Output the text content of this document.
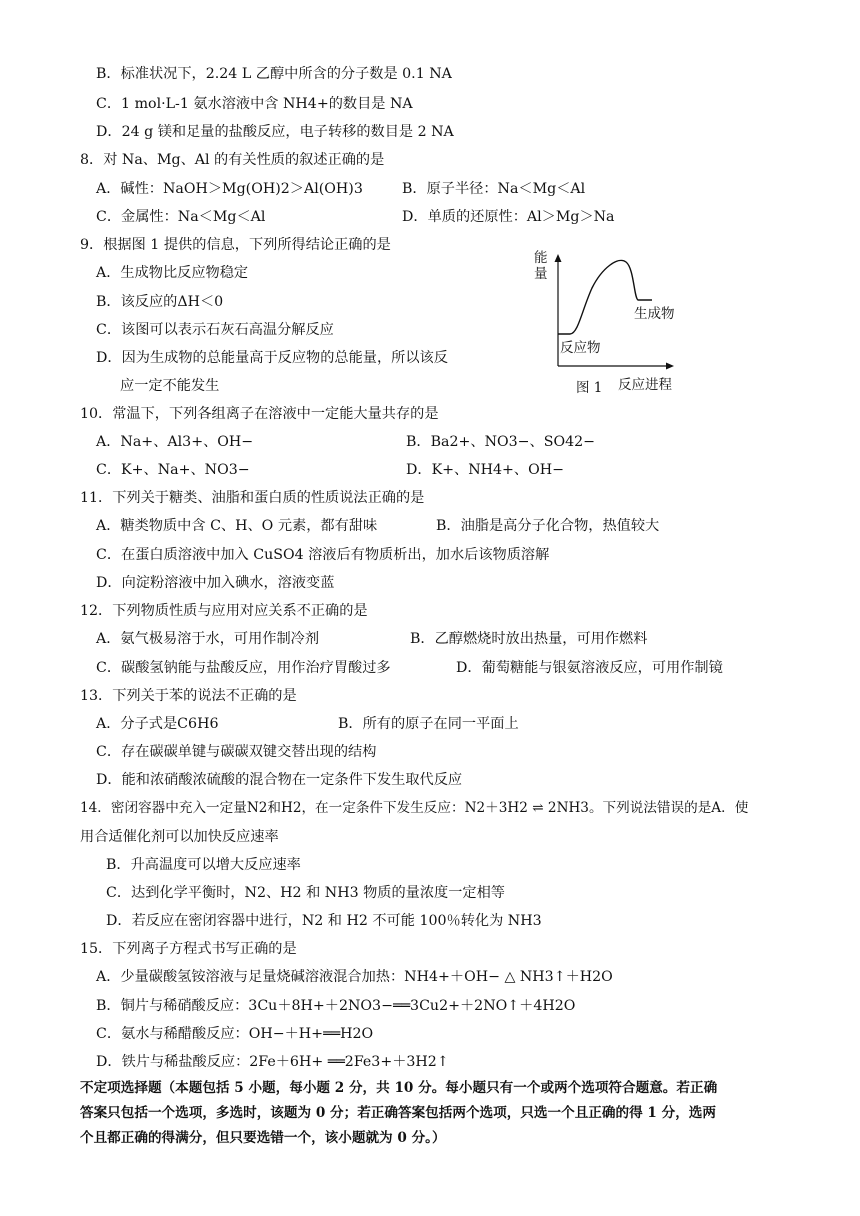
B．标准状况下，2.24 L 乙醇中所含的分子数是 0.1 NA
C．1 mol·L-1 氨水溶液中含 NH4+的数目是 NA
D．24 g 镁和足量的盐酸反应，电子转移的数目是 2 NA
8．对 Na、Mg、Al 的有关性质的叙述正确的是
A．碱性：NaOH＞Mg(OH)2＞Al(OH)3	B．原子半径：Na＜Mg＜Al
C．金属性：Na＜Mg＜Al	D．单质的还原性：Al＞Mg＞Na
9．根据图 1 提供的信息，下列所得结论正确的是
A．生成物比反应物稳定
B．该反应的ΔH＜0
C．该图可以表示石灰石高温分解反应
D．因为生成物的总能量高于反应物的总能量，所以该反
应一定不能发生
能
量
生成物
反应物
图 1 反应进程
10．常温下，下列各组离子在溶液中一定能大量共存的是
A．Na+、Al3+、OH−	B．Ba2+、NO3−、SO42−
C．K+、Na+、NO3−	D．K+、NH4+、OH−
11．下列关于糖类、油脂和蛋白质的性质说法正确的是
A．糖类物质中含 C、H、O 元素，都有甜味	B．油脂是高分子化合物，热值较大
C．在蛋白质溶液中加入 CuSO4 溶液后有物质析出，加水后该物质溶解
D．向淀粉溶液中加入碘水，溶液变蓝
12．下列物质性质与应用对应关系不正确的是
A．氨气极易溶于水，可用作制冷剂	B．乙醇燃烧时放出热量，可用作燃料
C．碳酸氢钠能与盐酸反应，用作治疗胃酸过多	D．葡萄糖能与银氨溶液反应，可用作制镜
13．下列关于苯的说法不正确的是
A．分子式是C6H6	B．所有的原子在同一平面上
C．存在碳碳单键与碳碳双键交替出现的结构
D．能和浓硝酸浓硫酸的混合物在一定条件下发生取代反应
14．密闭容器中充入一定量N2和H2，在一定条件下发生反应：N2＋3H2 ⇌ 2NH3。下列说法错误的是A．使
用合适催化剂可以加快反应速率
B．升高温度可以增大反应速率
C．达到化学平衡时，N2、H2 和 NH3 物质的量浓度一定相等
D．若反应在密闭容器中进行，N2 和 H2 不可能 100％转化为 NH3
15．下列离子方程式书写正确的是
A．少量碳酸氢铵溶液与足量烧碱溶液混合加热：NH4+＋OH− △ NH3↑＋H2O
B．铜片与稀硝酸反应：3Cu＋8H+＋2NO3−══3Cu2+＋2NO↑＋4H2O
C．氨水与稀醋酸反应：OH−＋H+══H2O
D．铁片与稀盐酸反应：2Fe＋6H+ ══2Fe3+＋3H2↑
不定项选择题（本题包括 5 小题，每小题 2 分，共 10 分。每小题只有一个或两个选项符合题意。若正确
答案只包括一个选项，多选时，该题为 0 分；若正确答案包括两个选项，只选一个且正确的得 1 分，选两
个且都正确的得满分，但只要选错一个，该小题就为 0 分。）
